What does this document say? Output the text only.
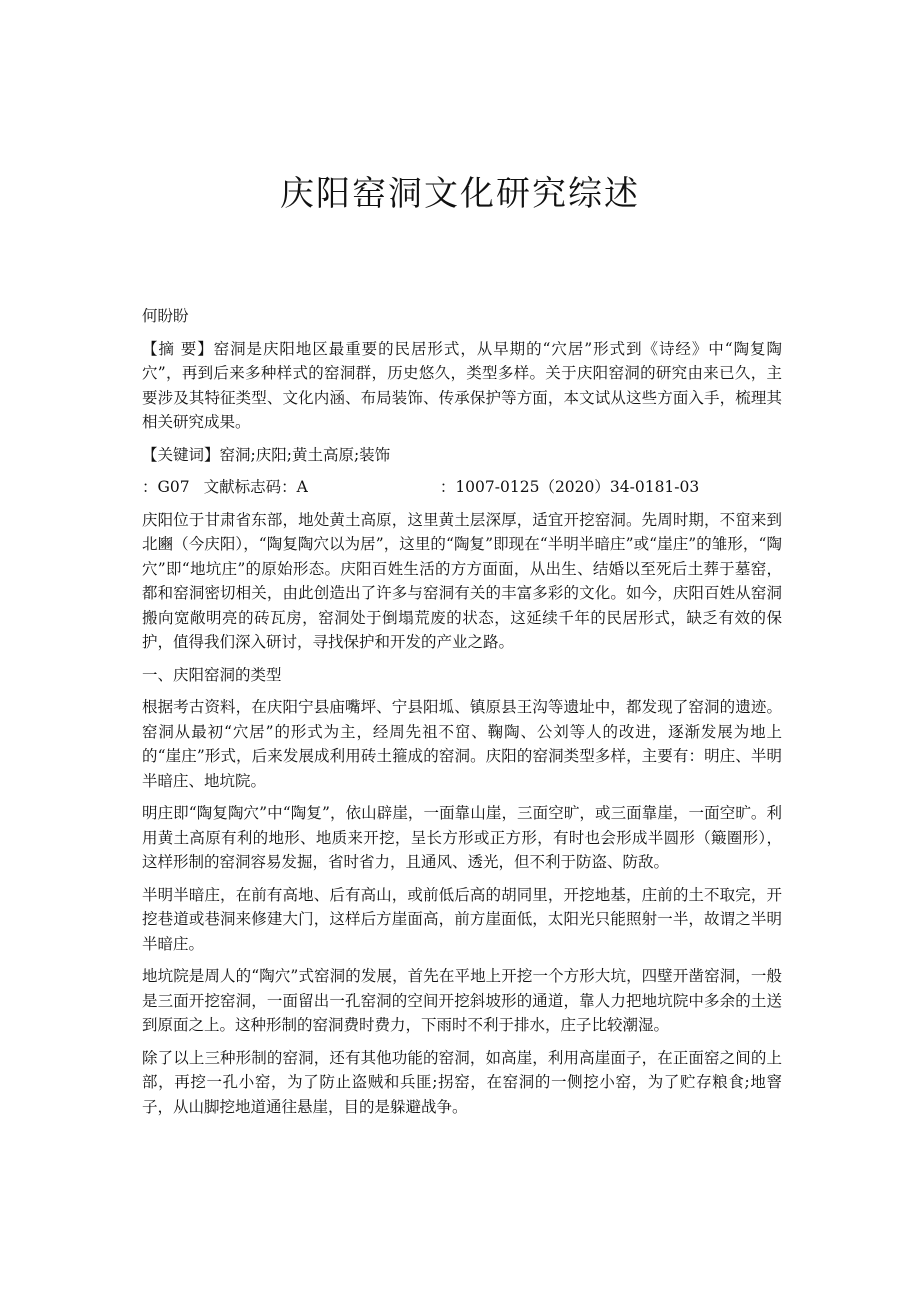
庆阳窑洞文化研究综述

何盼盼

【摘 要】窑洞是庆阳地区最重要的民居形式，从早期的“穴居”形式到《诗经》中“陶复陶穴”，再到后来多种样式的窑洞群，历史悠久，类型多样。关于庆阳窑洞的研究由来已久，主要涉及其特征类型、文化内涵、布局装饰、传承保护等方面，本文试从这些方面入手，梳理其相关研究成果。

【关键词】窑洞;庆阳;黄土高原;装饰

：G07 文献标志码：A	：1007-0125（2020）34-0181-03

庆阳位于甘肃省东部，地处黄土高原，这里黄土层深厚，适宜开挖窑洞。先周时期，不窋来到北豳（今庆阳），“陶复陶穴以为居”，这里的“陶复”即现在“半明半暗庄”或“崖庄”的雏形，“陶穴”即“地坑庄”的原始形态。庆阳百姓生活的方方面面，从出生、结婚以至死后土葬于墓窑，都和窑洞密切相关，由此创造出了许多与窑洞有关的丰富多彩的文化。如今，庆阳百姓从窑洞搬向宽敞明亮的砖瓦房，窑洞处于倒塌荒废的状态，这延续千年的民居形式，缺乏有效的保护，值得我们深入研讨，寻找保护和开发的产业之路。

一、庆阳窑洞的类型

根据考古资料，在庆阳宁县庙嘴坪、宁县阳坬、镇原县王沟等遗址中，都发现了窑洞的遗迹。窑洞从最初“穴居”的形式为主，经周先祖不窋、鞠陶、公刘等人的改进，逐渐发展为地上的“崖庄”形式，后来发展成利用砖土箍成的窑洞。庆阳的窑洞类型多样，主要有：明庄、半明半暗庄、地坑院。

明庄即“陶复陶穴”中“陶复”，依山辟崖，一面靠山崖，三面空旷，或三面靠崖，一面空旷。利用黄土高原有利的地形、地质来开挖，呈长方形或正方形，有时也会形成半圆形（簸圈形），这样形制的窑洞容易发掘，省时省力，且通风、透光，但不利于防盗、防敌。

半明半暗庄，在前有高地、后有高山，或前低后高的胡同里，开挖地基，庄前的土不取完，开挖巷道或巷洞来修建大门，这样后方崖面高，前方崖面低，太阳光只能照射一半，故谓之半明半暗庄。

地坑院是周人的“陶穴”式窑洞的发展，首先在平地上开挖一个方形大坑，四壁开凿窑洞，一般是三面开挖窑洞，一面留出一孔窑洞的空间开挖斜坡形的通道，靠人力把地坑院中多余的土送到原面之上。这种形制的窑洞费时费力，下雨时不利于排水，庄子比较潮湿。

除了以上三种形制的窑洞，还有其他功能的窑洞，如高崖，利用高崖面子，在正面窑之间的上部，再挖一孔小窑，为了防止盗贼和兵匪;拐窑，在窑洞的一侧挖小窑，为了贮存粮食;地窨子，从山脚挖地道通往悬崖，目的是躲避战争。
